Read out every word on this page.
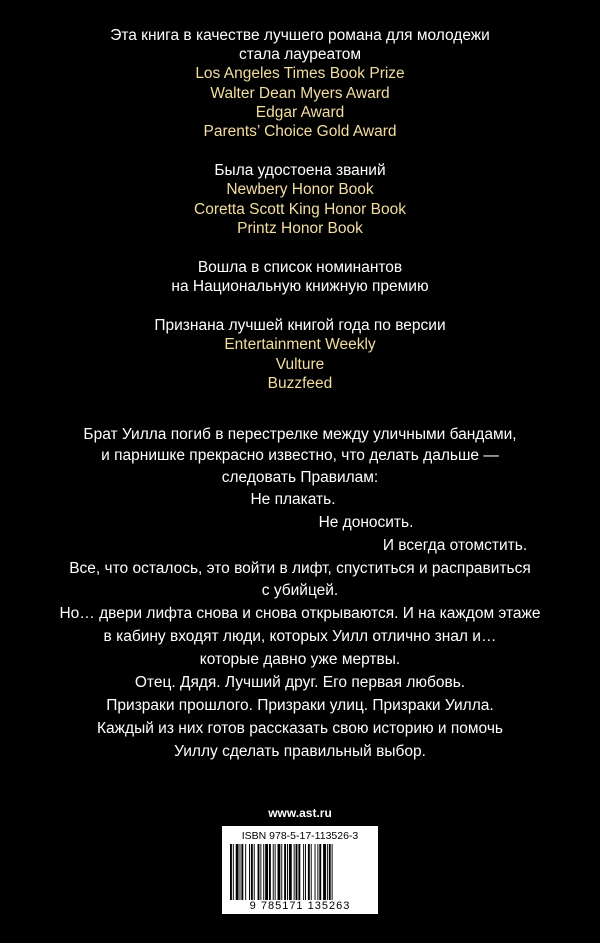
Эта книга в качестве лучшего романа для молодежи
стала лауреатом
Los Angeles Times Book Prize
Walter Dean Myers Award
Edgar Award
Parents’ Choice Gold Award
Была удостоена званий
Newbery Honor Book
Coretta Scott King Honor Book
Printz Honor Book
Вошла в список номинантов
на Национальную книжную премию
Признана лучшей книгой года по версии
Entertainment Weekly
Vulture
Buzzfeed
Брат Уилла погиб в перестрелке между уличными бандами,
и парнишке прекрасно известно, что делать дальше —
следовать Правилам:
Не плакать.
Не доносить.
И всегда отомстить.
Все, что осталось, это войти в лифт, спуститься и расправиться
с убийцей.
Но… двери лифта снова и снова открываются. И на каждом этаже
в кабину входят люди, которых Уилл отлично знал и…
которые давно уже мертвы.
Отец. Дядя. Лучший друг. Его первая любовь.
Призраки прошлого. Призраки улиц. Призраки Уилла.
Каждый из них готов рассказать свою историю и помочь
Уиллу сделать правильный выбор.
www.ast.ru
ISBN 978-5-17-113526-3
9 785171 135263
